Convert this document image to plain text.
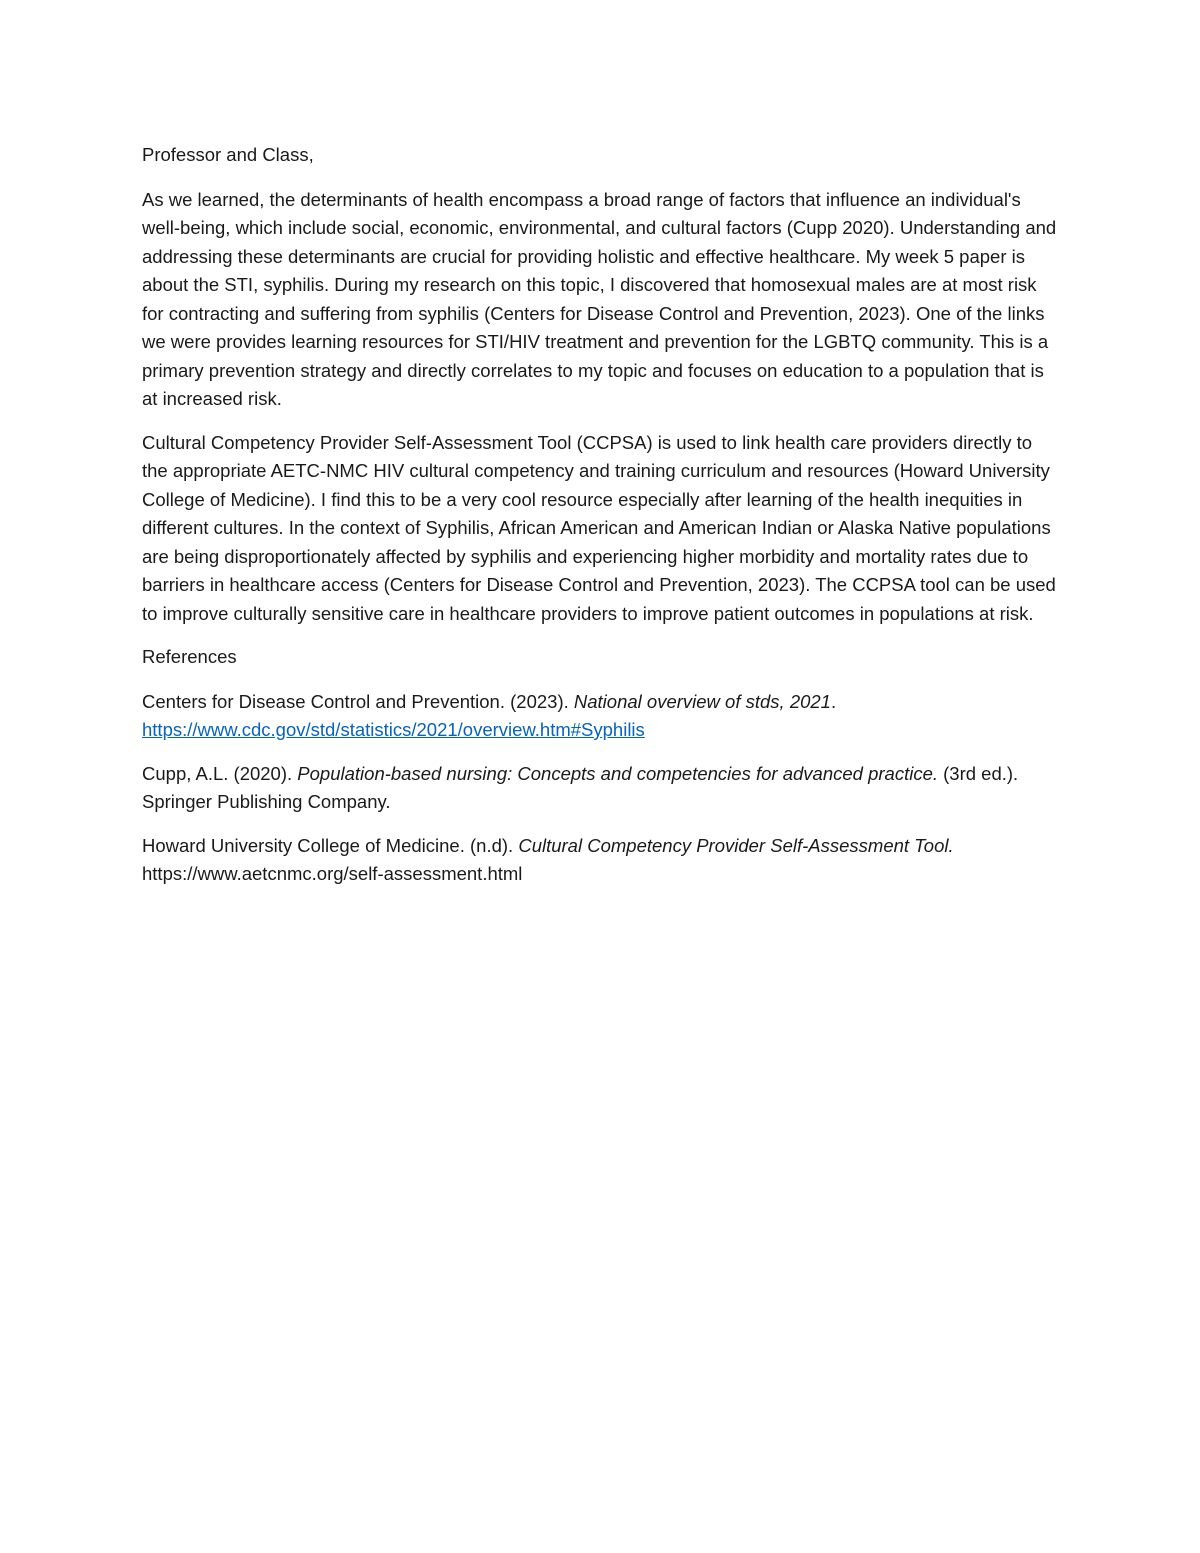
Professor and Class,

As we learned, the determinants of health encompass a broad range of factors that influence an individual's well-being, which include social, economic, environmental, and cultural factors (Cupp 2020). Understanding and addressing these determinants are crucial for providing holistic and effective healthcare. My week 5 paper is about the STI, syphilis. During my research on this topic, I discovered that homosexual males are at most risk for contracting and suffering from syphilis (Centers for Disease Control and Prevention, 2023). One of the links we were provides learning resources for STI/HIV treatment and prevention for the LGBTQ community. This is a primary prevention strategy and directly correlates to my topic and focuses on education to a population that is at increased risk.

Cultural Competency Provider Self-Assessment Tool (CCPSA) is used to link health care providers directly to the appropriate AETC-NMC HIV cultural competency and training curriculum and resources (Howard University College of Medicine). I find this to be a very cool resource especially after learning of the health inequities in different cultures. In the context of Syphilis, African American and American Indian or Alaska Native populations are being disproportionately affected by syphilis and experiencing higher morbidity and mortality rates due to barriers in healthcare access (Centers for Disease Control and Prevention, 2023). The CCPSA tool can be used to improve culturally sensitive care in healthcare providers to improve patient outcomes in populations at risk.

References

Centers for Disease Control and Prevention. (2023). National overview of stds, 2021.
https://www.cdc.gov/std/statistics/2021/overview.htm#Syphilis

Cupp, A.L. (2020). Population-based nursing: Concepts and competencies for advanced practice. (3rd ed.). Springer Publishing Company.

Howard University College of Medicine. (n.d). Cultural Competency Provider Self-Assessment Tool.
https://www.aetcnmc.org/self-assessment.html
